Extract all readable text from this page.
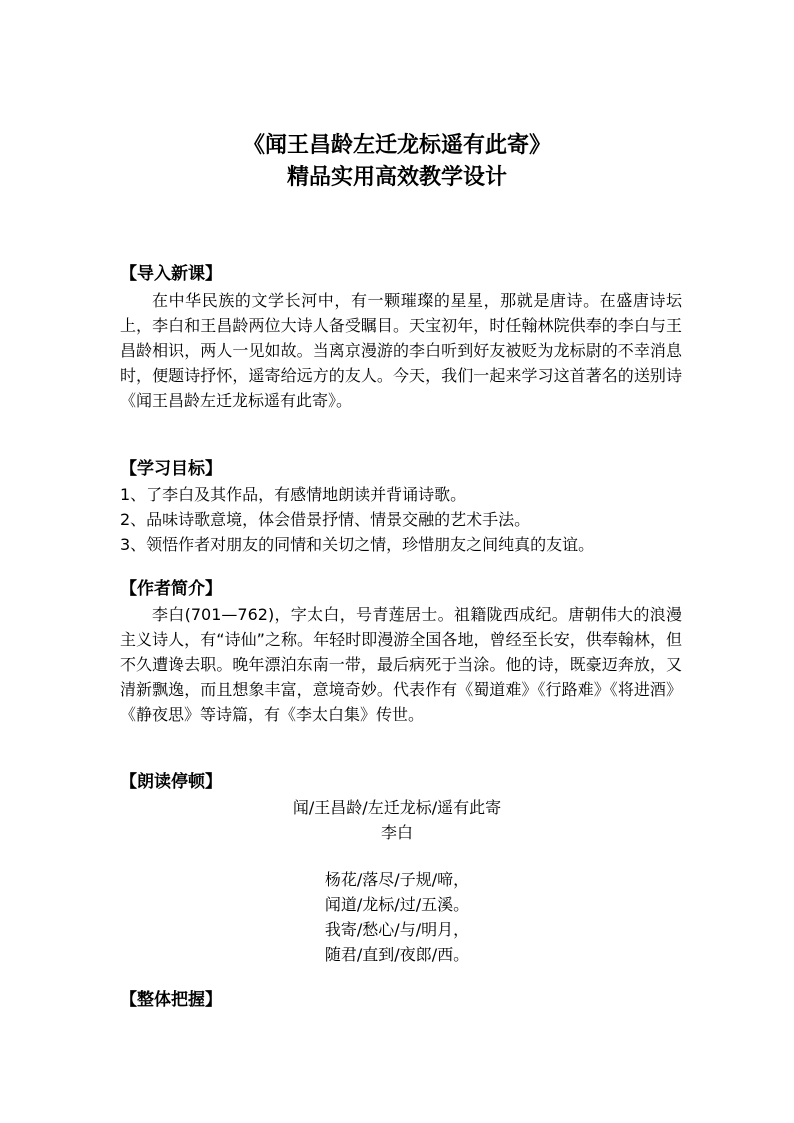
《闻王昌龄左迁龙标遥有此寄》
精品实用高效教学设计
【导入新课】

在中华民族的文学长河中，有一颗璀璨的星星，那就是唐诗。在盛唐诗坛上，李白和王昌龄两位大诗人备受瞩目。天宝初年，时任翰林院供奉的李白与王昌龄相识，两人一见如故。当离京漫游的李白听到好友被贬为龙标尉的不幸消息时，便题诗抒怀，遥寄给远方的友人。今天，我们一起来学习这首著名的送别诗《闻王昌龄左迁龙标遥有此寄》。

【学习目标】

1、了李白及其作品，有感情地朗读并背诵诗歌。

2、品味诗歌意境，体会借景抒情、情景交融的艺术手法。

3、领悟作者对朋友的同情和关切之情，珍惜朋友之间纯真的友谊。

【作者简介】

李白(701—762)，字太白，号青莲居士。祖籍陇西成纪。唐朝伟大的浪漫主义诗人，有“诗仙”之称。年轻时即漫游全国各地，曾经至长安，供奉翰林，但不久遭谗去职。晚年漂泊东南一带，最后病死于当涂。他的诗，既豪迈奔放，又清新飘逸，而且想象丰富，意境奇妙。代表作有《蜀道难》《行路难》《将进酒》《静夜思》等诗篇，有《李太白集》传世。

【朗读停顿】
闻/王昌龄/左迁龙标/遥有此寄
李白
杨花/落尽/子规/啼，
闻道/龙标/过/五溪。
我寄/愁心/与/明月，
随君/直到/夜郎/西。
【整体把握】
